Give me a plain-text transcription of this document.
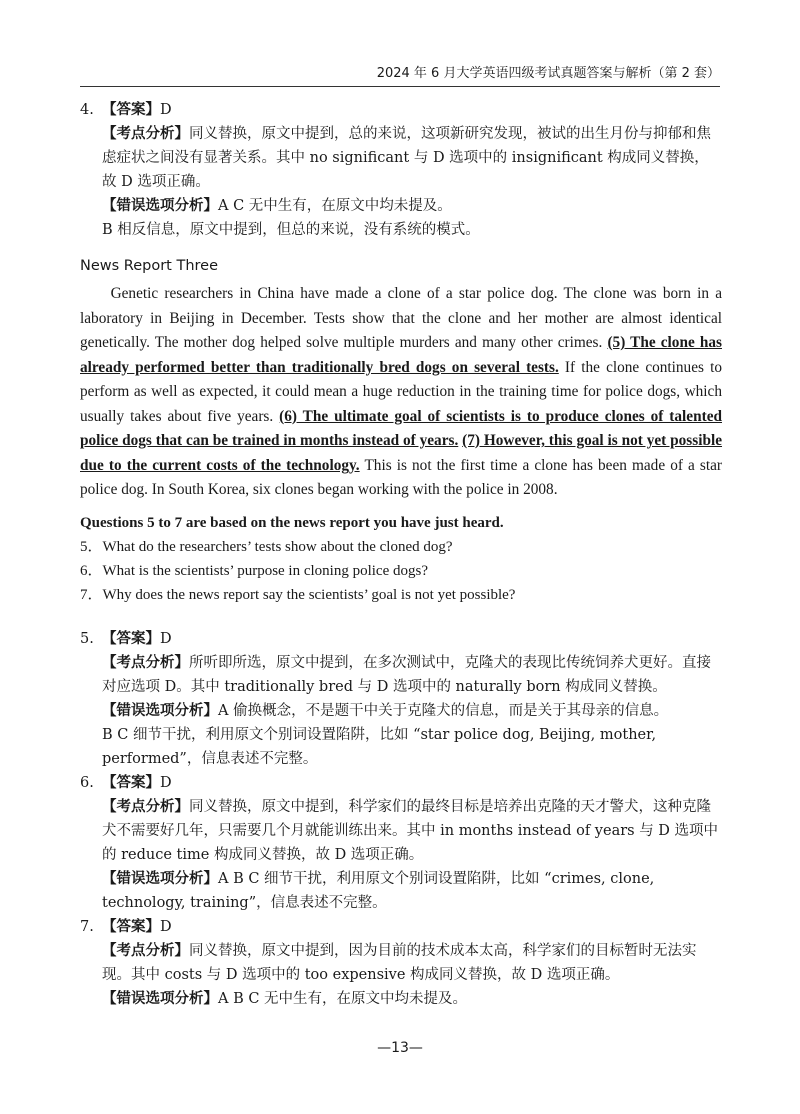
2024 年 6 月大学英语四级考试真题答案与解析（第 2 套）

4. 【答案】D

【考点分析】同义替换，原文中提到，总的来说，这项新研究发现，被试的出生月份与抑郁和焦虑症状之间没有显著关系。其中 no significant 与 D 选项中的 insignificant 构成同义替换，故 D 选项正确。

【错误选项分析】A C 无中生有，在原文中均未提及。

B 相反信息，原文中提到，但总的来说，没有系统的模式。

News Report Three

Genetic researchers in China have made a clone of a star police dog. The clone was born in a laboratory in Beijing in December. Tests show that the clone and her mother are almost identical genetically. The mother dog helped solve multiple murders and many other crimes. (5) The clone has already performed better than traditionally bred dogs on several tests. If the clone continues to perform as well as expected, it could mean a huge reduction in the training time for police dogs, which usually takes about five years. (6) The ultimate goal of scientists is to produce clones of talented police dogs that can be trained in months instead of years. (7) However, this goal is not yet possible due to the current costs of the technology. This is not the first time a clone has been made of a star police dog. In South Korea, six clones began working with the police in 2008.

Questions 5 to 7 are based on the news report you have just heard.
5．What do the researchers’ tests show about the cloned dog?
6．What is the scientists’ purpose in cloning police dogs?
7．Why does the news report say the scientists’ goal is not yet possible?

5. 【答案】D

【考点分析】所听即所选，原文中提到，在多次测试中，克隆犬的表现比传统饲养犬更好。直接对应选项 D。其中 traditionally bred 与 D 选项中的 naturally born 构成同义替换。

【错误选项分析】A 偷换概念，不是题干中关于克隆犬的信息，而是关于其母亲的信息。

B C 细节干扰，利用原文个别词设置陷阱，比如 “star police dog, Beijing, mother, performed”，信息表述不完整。

6. 【答案】D

【考点分析】同义替换，原文中提到，科学家们的最终目标是培养出克隆的天才警犬，这种克隆犬不需要好几年，只需要几个月就能训练出来。其中 in months instead of years 与 D 选项中的 reduce time 构成同义替换，故 D 选项正确。

【错误选项分析】A B C 细节干扰，利用原文个别词设置陷阱，比如 “crimes, clone, technology, training”，信息表述不完整。

7. 【答案】D

【考点分析】同义替换，原文中提到，因为目前的技术成本太高，科学家们的目标暂时无法实现。其中 costs 与 D 选项中的 too expensive 构成同义替换，故 D 选项正确。

【错误选项分析】A B C 无中生有，在原文中均未提及。

—13—
